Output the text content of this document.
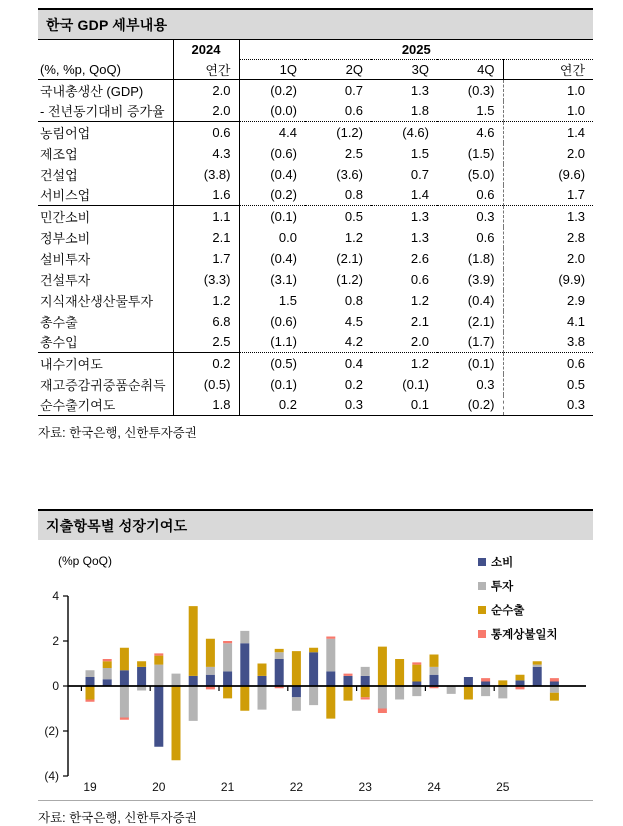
한국 GDP 세부내용
	2024	2025				
(%, %p, QoQ)	연간	1Q	2Q	3Q	4Q	연간
국내총생산 (GDP)	2.0	(0.2)	0.7	1.3	(0.3)	1.0
- 전년동기대비 증가율	2.0	(0.0)	0.6	1.8	1.5	1.0
농림어업	0.6	4.4	(1.2)	(4.6)	4.6	1.4
제조업	4.3	(0.6)	2.5	1.5	(1.5)	2.0
건설업	(3.8)	(0.4)	(3.6)	0.7	(5.0)	(9.6)
서비스업	1.6	(0.2)	0.8	1.4	0.6	1.7
민간소비	1.1	(0.1)	0.5	1.3	0.3	1.3
정부소비	2.1	0.0	1.2	1.3	0.6	2.8
설비투자	1.7	(0.4)	(2.1)	2.6	(1.8)	2.0
건설투자	(3.3)	(3.1)	(1.2)	0.6	(3.9)	(9.9)
지식재산생산물투자	1.2	1.5	0.8	1.2	(0.4)	2.9
총수출	6.8	(0.6)	4.5	2.1	(2.1)	4.1
총수입	2.5	(1.1)	4.2	2.0	(1.7)	3.8
내수기여도	0.2	(0.5)	0.4	1.2	(0.1)	0.6
재고증감귀중품순취득	(0.5)	(0.1)	0.2	(0.1)	0.3	0.5
순수출기여도	1.8	0.2	0.3	0.1	(0.2)	0.3
자료: 한국은행, 신한투자증권
지출항목별 성장기여도
(%p QoQ)	소비
투자
순수출
통계상불일치
4
2
0
(2)
(4)
19	20	21	22	23	24	25
자료: 한국은행, 신한투자증권
